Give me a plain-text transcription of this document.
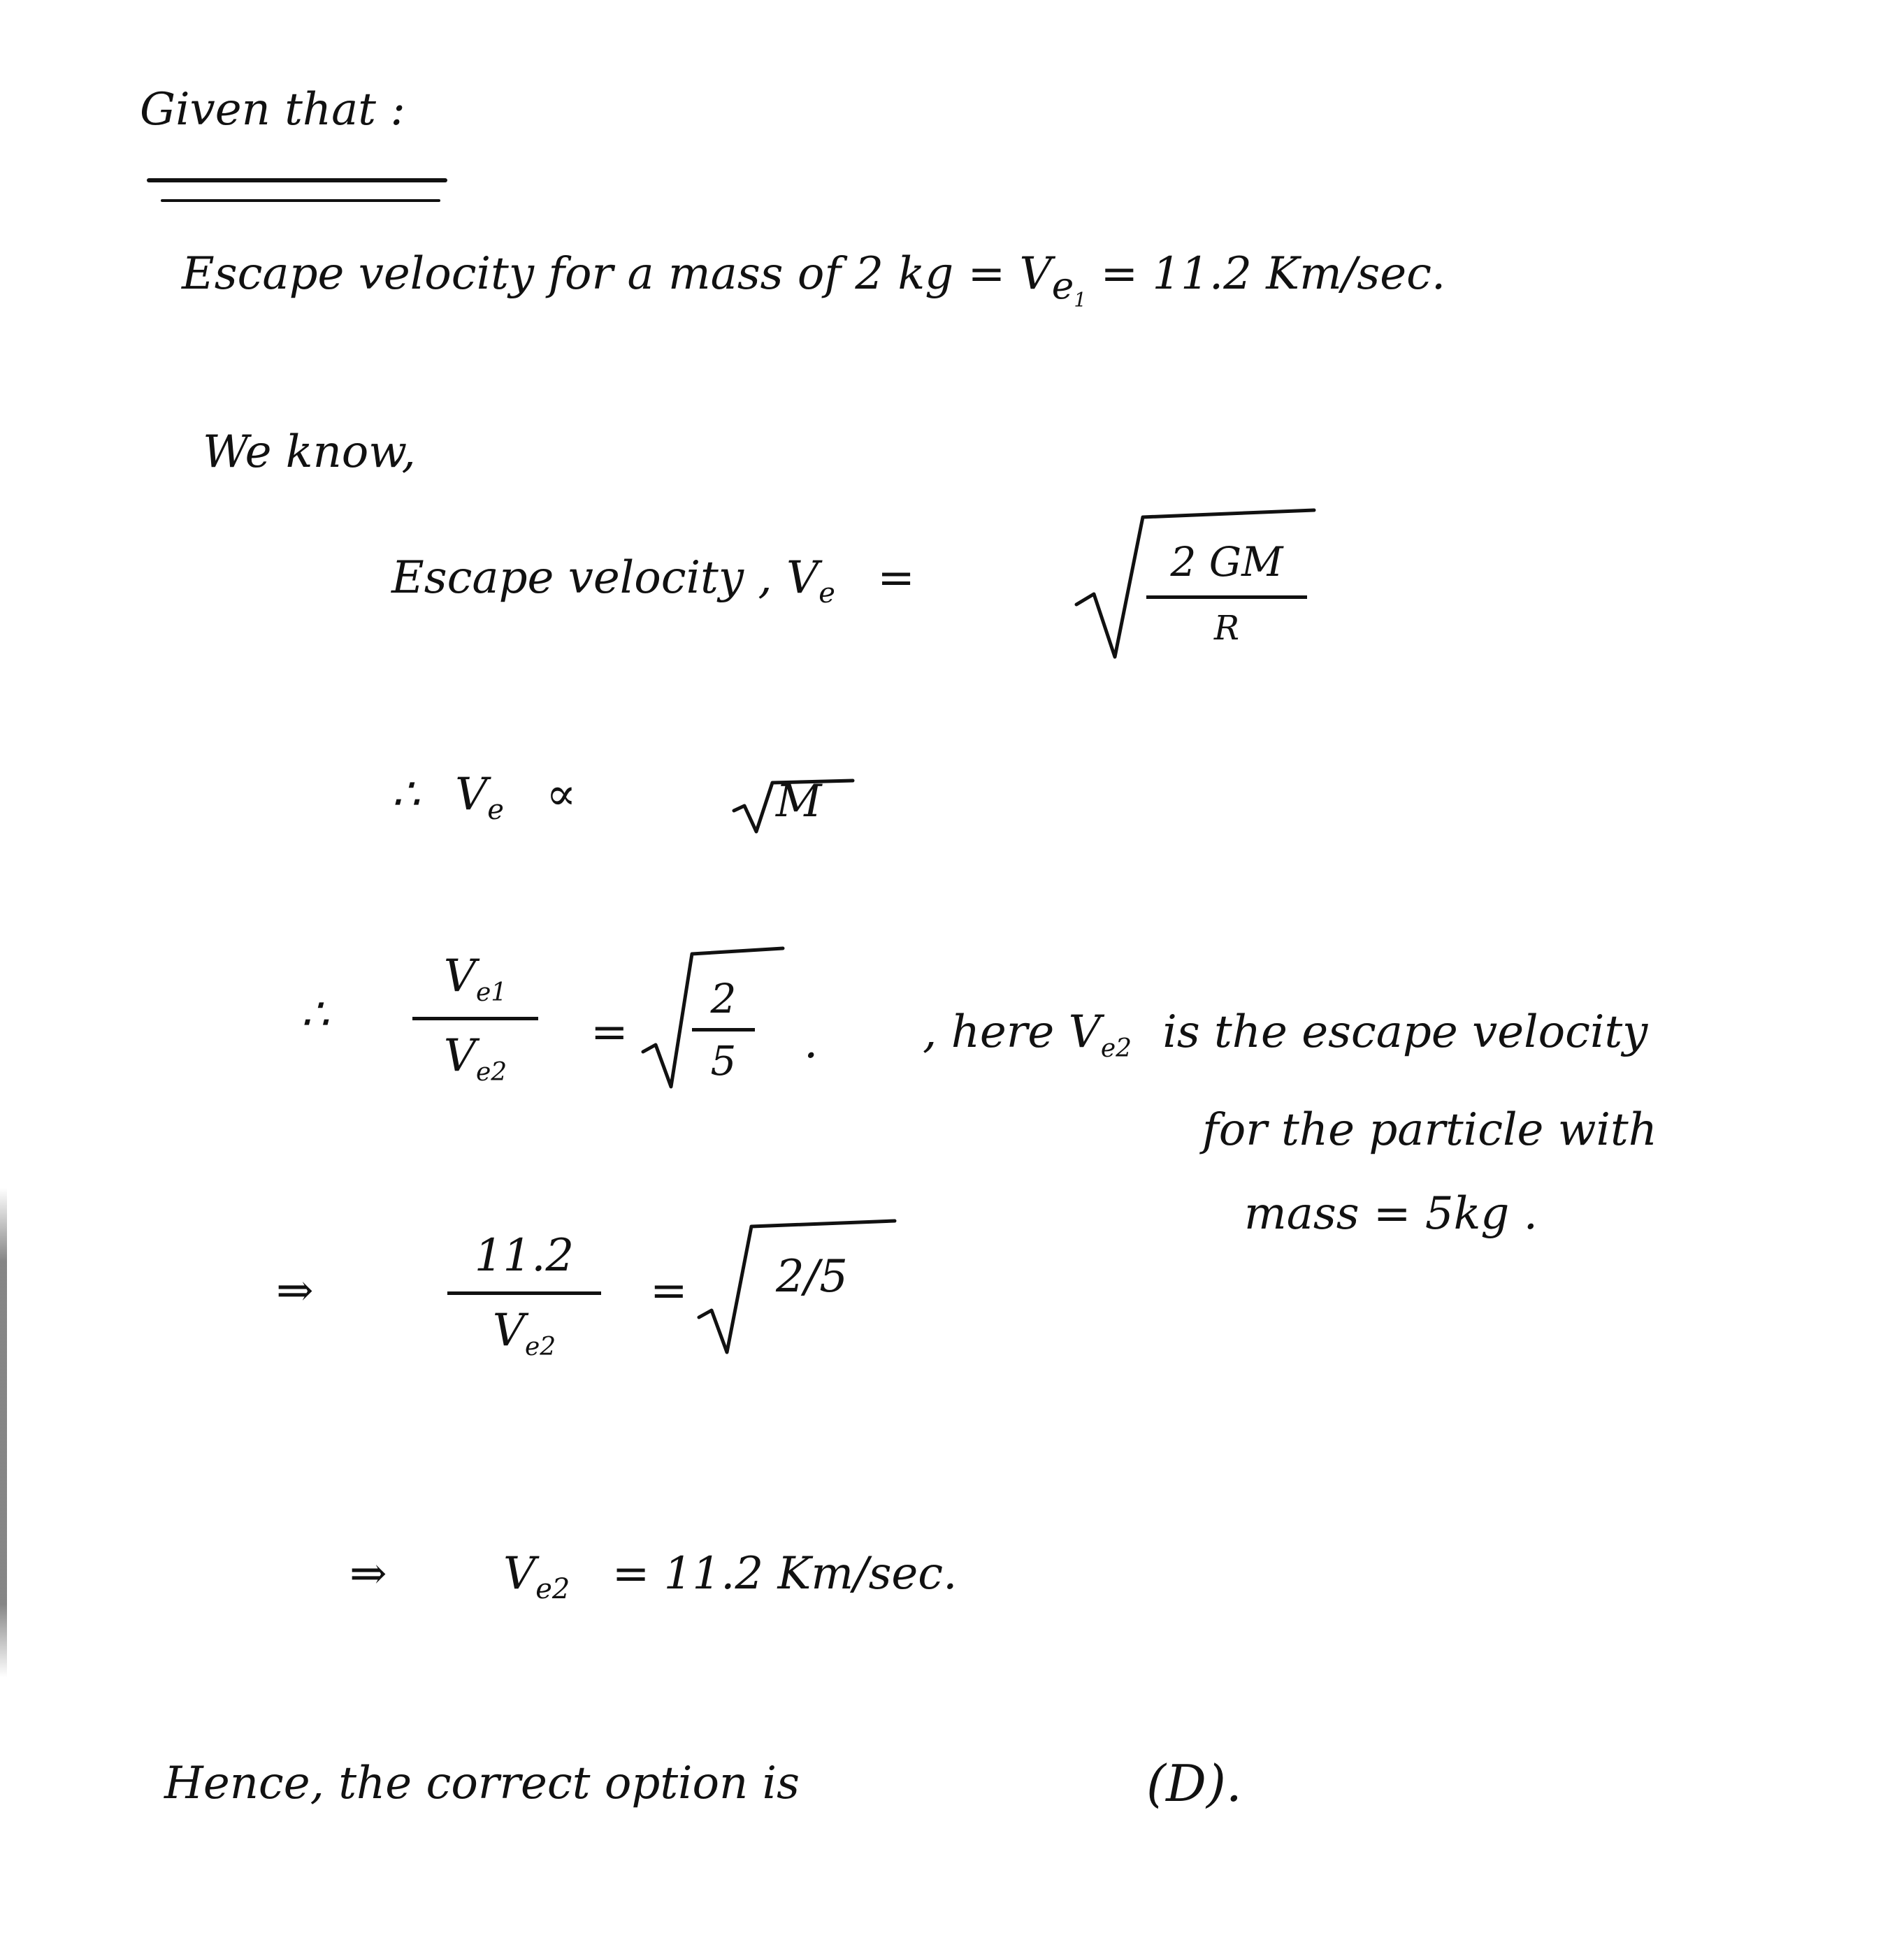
Given that :
Escape velocity for a mass of 2 kg = $V_{e_1} = 11.2$ Km/sec.
We know,
Escape velocity , $V_e$ =	2 GM
R
∴ $V_e$ ∝	M
∴
$V_{e1}$
$V_{e2}$
=
2
5 . , here $V_{e2}$ is the escape velocity
for the particle with
mass = 5kg .
⇒
11.2
$V_{e2}$
= 2/5
⇒	$V_{e2} = 11.2$ Km/sec.
Hence, the correct option is	(D).
